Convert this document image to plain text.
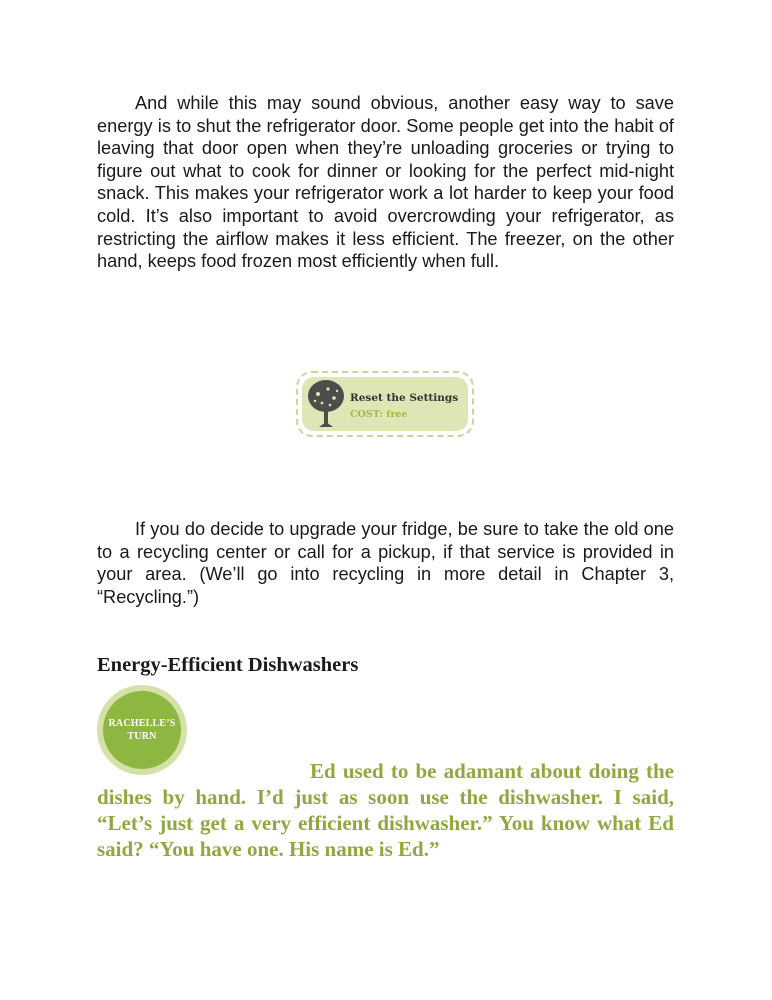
And while this may sound obvious, another easy way to save energy is to shut the refrigerator door. Some people get into the habit of leaving that door open when they’re unloading groceries or trying to figure out what to cook for dinner or looking for the perfect mid-night snack. This makes your refrigerator work a lot harder to keep your food cold. It’s also important to avoid overcrowding your refrigerator, as restricting the airflow makes it less efficient. The freezer, on the other hand, keeps food frozen most efficiently when full.

Reset the Settings
COST: free

If you do decide to upgrade your fridge, be sure to take the old one to a recycling center or call for a pickup, if that service is provided in your area. (We’ll go into recycling in more detail in Chapter 3, “Recycling.”)

Energy-Efficient Dishwashers
RACHELLE’S
TURN

Ed used to be adamant about doing the dishes by hand. I’d just as soon use the dishwasher. I said, “Let’s just get a very efficient dishwasher.” You know what Ed said? “You have one. His name is Ed.”
